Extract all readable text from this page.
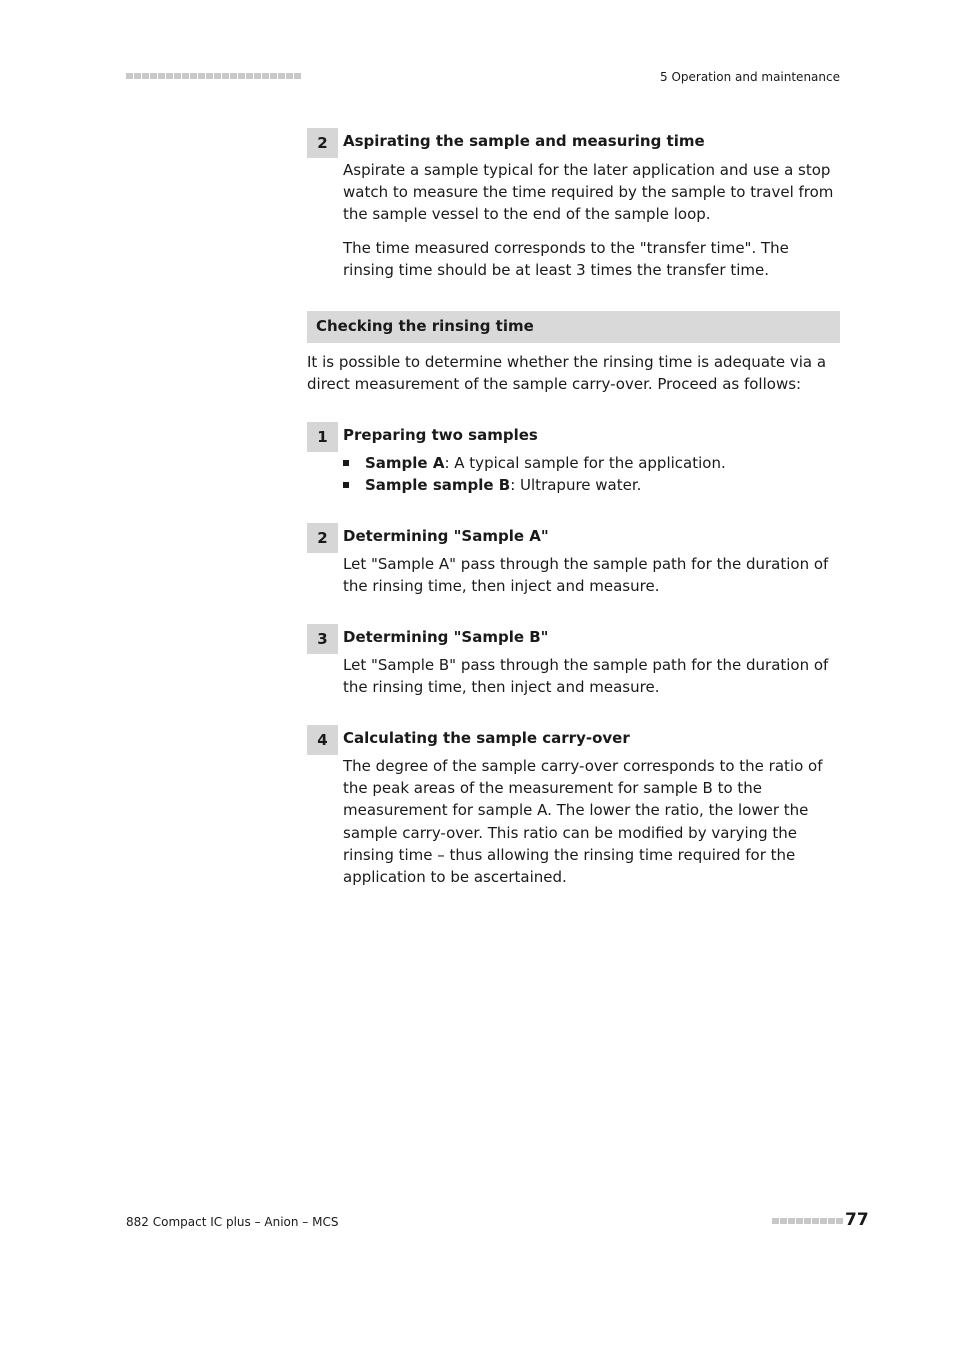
5 Operation and maintenance
2	Aspirating the sample and measuring time

Aspirate a sample typical for the later application and use a stop watch to measure the time required by the sample to travel from the sample vessel to the end of the sample loop.

The time measured corresponds to the "transfer time". The rinsing time should be at least 3 times the transfer time.

Checking the rinsing time
It is possible to determine whether the rinsing time is adequate via a direct measurement of the sample carry-over. Proceed as follows:
1	Preparing two samples
Sample A: A typical sample for the application.
Sample sample B: Ultrapure water.
2	Determining "Sample A"
Let "Sample A" pass through the sample path for the duration of the rinsing time, then inject and measure.
3	Determining "Sample B"
Let "Sample B" pass through the sample path for the duration of the rinsing time, then inject and measure.
4	Calculating the sample carry-over
The degree of the sample carry-over corresponds to the ratio of the peak areas of the measurement for sample B to the measurement for sample A. The lower the ratio, the lower the sample carry-over. This ratio can be modified by varying the rinsing time – thus allowing the rinsing time required for the application to be ascertained.
882 Compact IC plus – Anion – MCS	77
